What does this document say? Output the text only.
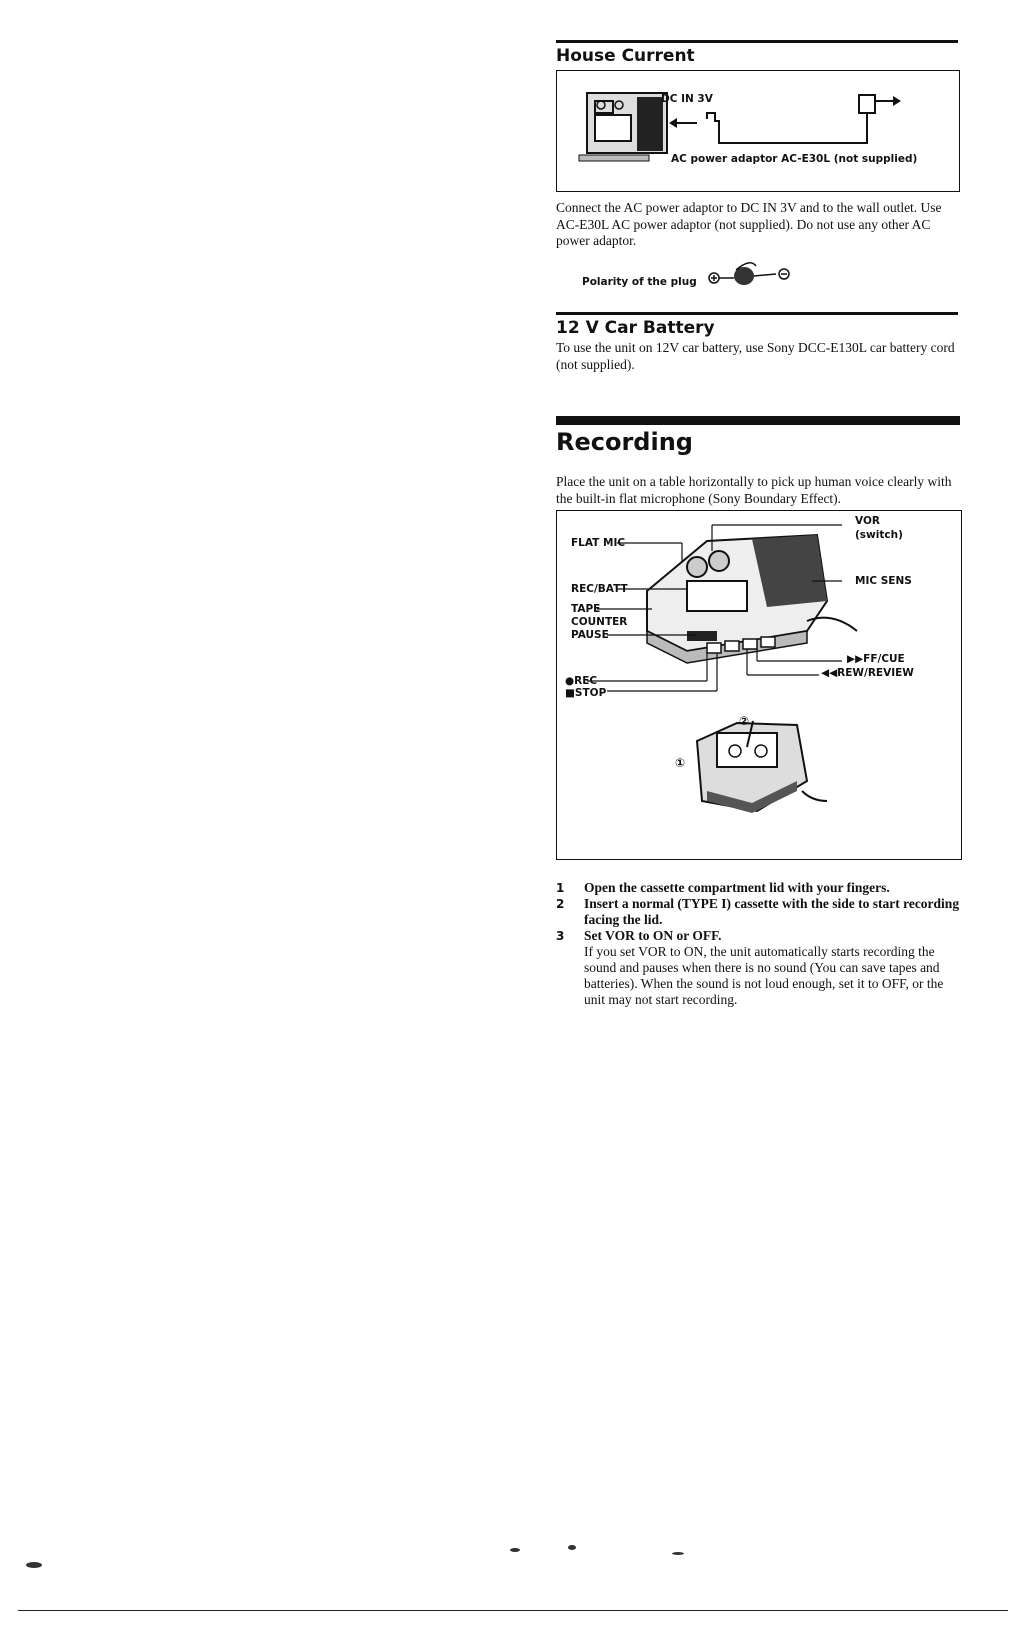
House Current
DC IN 3V
AC power adaptor AC-E30L (not supplied)

Connect the AC power adaptor to DC IN 3V and to the wall outlet. Use AC-E30L AC power adaptor (not supplied). Do not use any other AC power adaptor.

Polarity of the plug
12 V Car Battery

To use the unit on 12V car battery, use Sony DCC-E130L car battery cord (not supplied).

Recording

Place the unit on a table horizontally to pick up human voice clearly with the built-in flat microphone (Sony Boundary Effect).

FLAT MIC
REC/BATT
TAPE
COUNTER
PAUSE
●REC
■STOP
VOR
(switch)
MIC SENS
▶▶FF/CUE
◀◀REW/REVIEW
①
②
1 Open the cassette compartment lid with your fingers.
2 Insert a normal (TYPE I) cassette with the side to start recording facing the lid.
3 Set VOR to ON or OFF.
If you set VOR to ON, the unit automatically starts recording the sound and pauses when there is no sound (You can save tapes and batteries). When the sound is not loud enough, set it to OFF, or the unit may not start recording.
